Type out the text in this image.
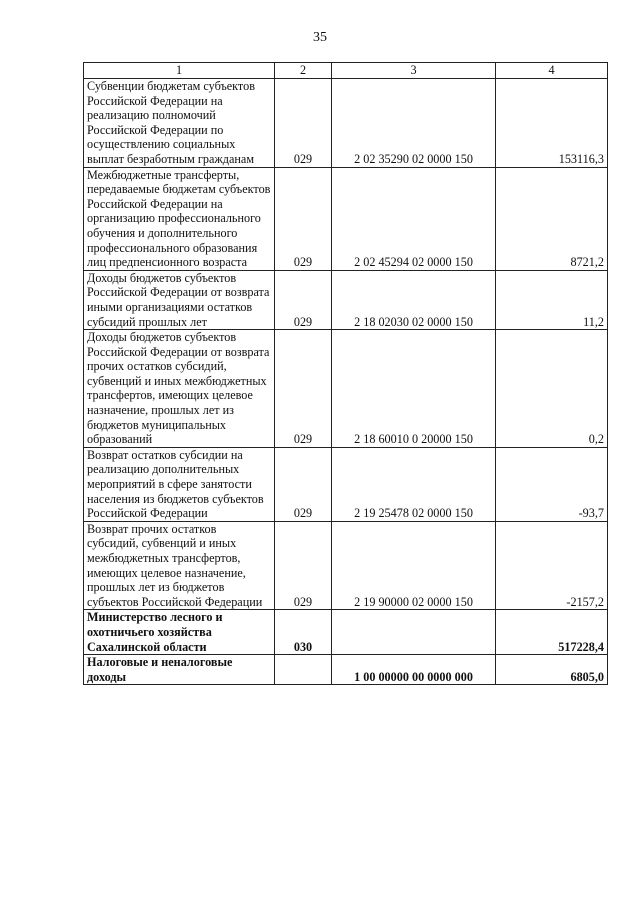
35
1	2	3	4
Субвенции бюджетам субъектов Российской Федерации на реализацию полномочий Российской Федерации по осуществлению социальных выплат безработным гражданам	029	2 02 35290 02 0000 150	153116,3
Межбюджетные трансферты, передаваемые бюджетам субъектов Российской Федерации на организацию профессионального обучения и дополнительного профессионального образования лиц предпенсионного возраста	029	2 02 45294 02 0000 150	8721,2
Доходы бюджетов субъектов Российской Федерации от возврата иными организациями остатков субсидий прошлых лет	029	2 18 02030 02 0000 150	11,2
Доходы бюджетов субъектов Российской Федерации от возврата прочих остатков субсидий, субвенций и иных межбюджетных трансфертов, имеющих целевое назначение, прошлых лет из бюджетов муниципальных образований	029	2 18 60010 0 20000 150	0,2
Возврат остатков субсидии на реализацию дополнительных мероприятий в сфере занятости населения из бюджетов субъектов Российской Федерации	029	2 19 25478 02 0000 150	-93,7
Возврат прочих остатков субсидий, субвенций и иных межбюджетных трансфертов, имеющих целевое назначение, прошлых лет из бюджетов субъектов Российской Федерации	029	2 19 90000 02 0000 150	-2157,2
Министерство лесного и охотничьего хозяйства Сахалинской области	030		517228,4
Налоговые и неналоговые доходы		1 00 00000 00 0000 000	6805,0
